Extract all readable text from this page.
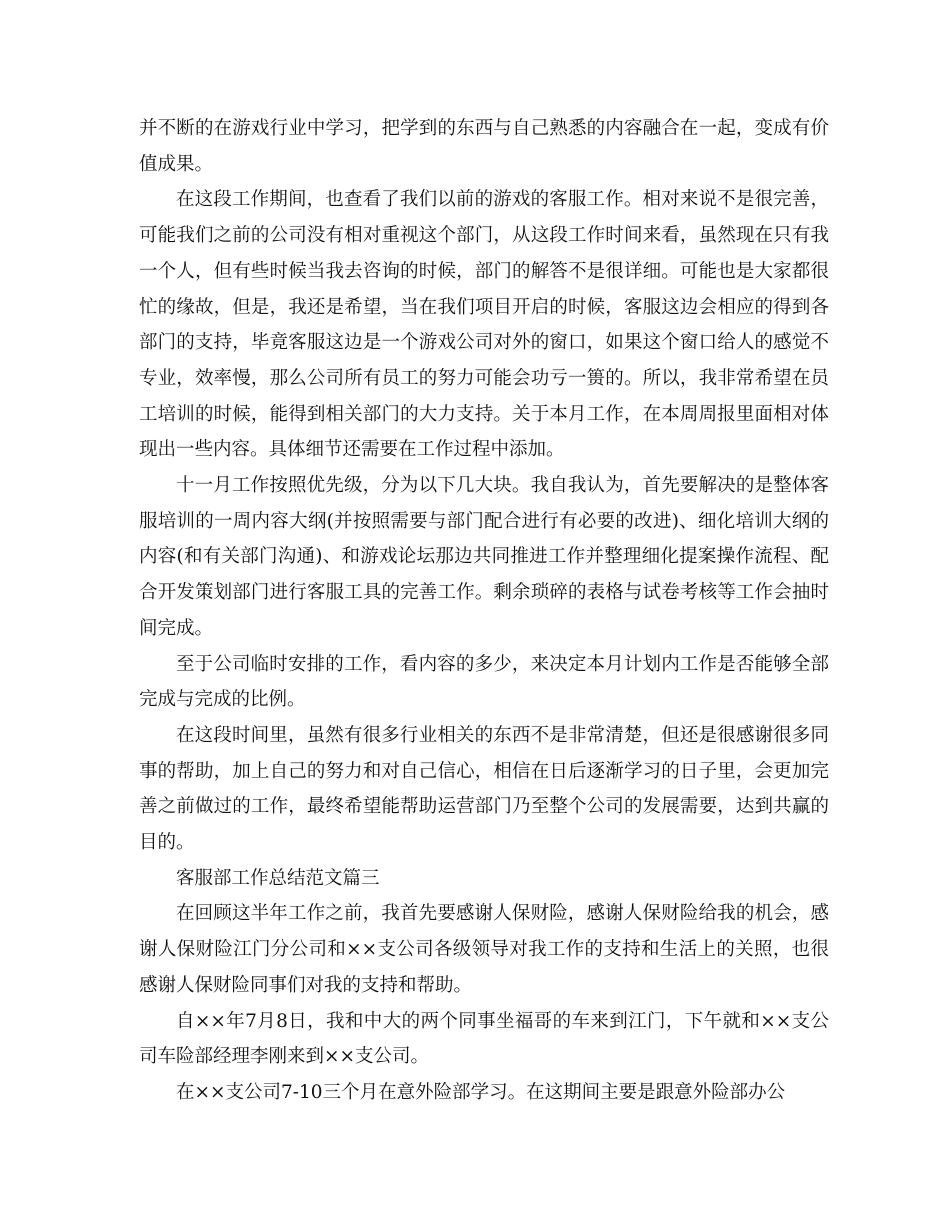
并不断的在游戏行业中学习，把学到的东西与自己熟悉的内容融合在一起，变成有价值成果。

在这段工作期间，也查看了我们以前的游戏的客服工作。相对来说不是很完善，可能我们之前的公司没有相对重视这个部门，从这段工作时间来看，虽然现在只有我一个人，但有些时候当我去咨询的时候，部门的解答不是很详细。可能也是大家都很忙的缘故，但是，我还是希望，当在我们项目开启的时候，客服这边会相应的得到各部门的支持，毕竟客服这边是一个游戏公司对外的窗口，如果这个窗口给人的感觉不专业，效率慢，那么公司所有员工的努力可能会功亏一篑的。所以，我非常希望在员工培训的时候，能得到相关部门的大力支持。关于本月工作，在本周周报里面相对体现出一些内容。具体细节还需要在工作过程中添加。

十一月工作按照优先级，分为以下几大块。我自我认为，首先要解决的是整体客服培训的一周内容大纲(并按照需要与部门配合进行有必要的改进)、细化培训大纲的内容(和有关部门沟通)、和游戏论坛那边共同推进工作并整理细化提案操作流程、配合开发策划部门进行客服工具的完善工作。剩余琐碎的表格与试卷考核等工作会抽时间完成。

至于公司临时安排的工作，看内容的多少，来决定本月计划内工作是否能够全部完成与完成的比例。

在这段时间里，虽然有很多行业相关的东西不是非常清楚，但还是很感谢很多同事的帮助，加上自己的努力和对自己信心，相信在日后逐渐学习的日子里，会更加完善之前做过的工作，最终希望能帮助运营部门乃至整个公司的发展需要，达到共赢的目的。

客服部工作总结范文篇三

在回顾这半年工作之前，我首先要感谢人保财险，感谢人保财险给我的机会，感谢人保财险江门分公司和××支公司各级领导对我工作的支持和生活上的关照，也很感谢人保财险同事们对我的支持和帮助。

自××年7月8日，我和中大的两个同事坐福哥的车来到江门，下午就和××支公司车险部经理李刚来到××支公司。

在××支公司7-10三个月在意外险部学习。在这期间主要是跟意外险部办公
